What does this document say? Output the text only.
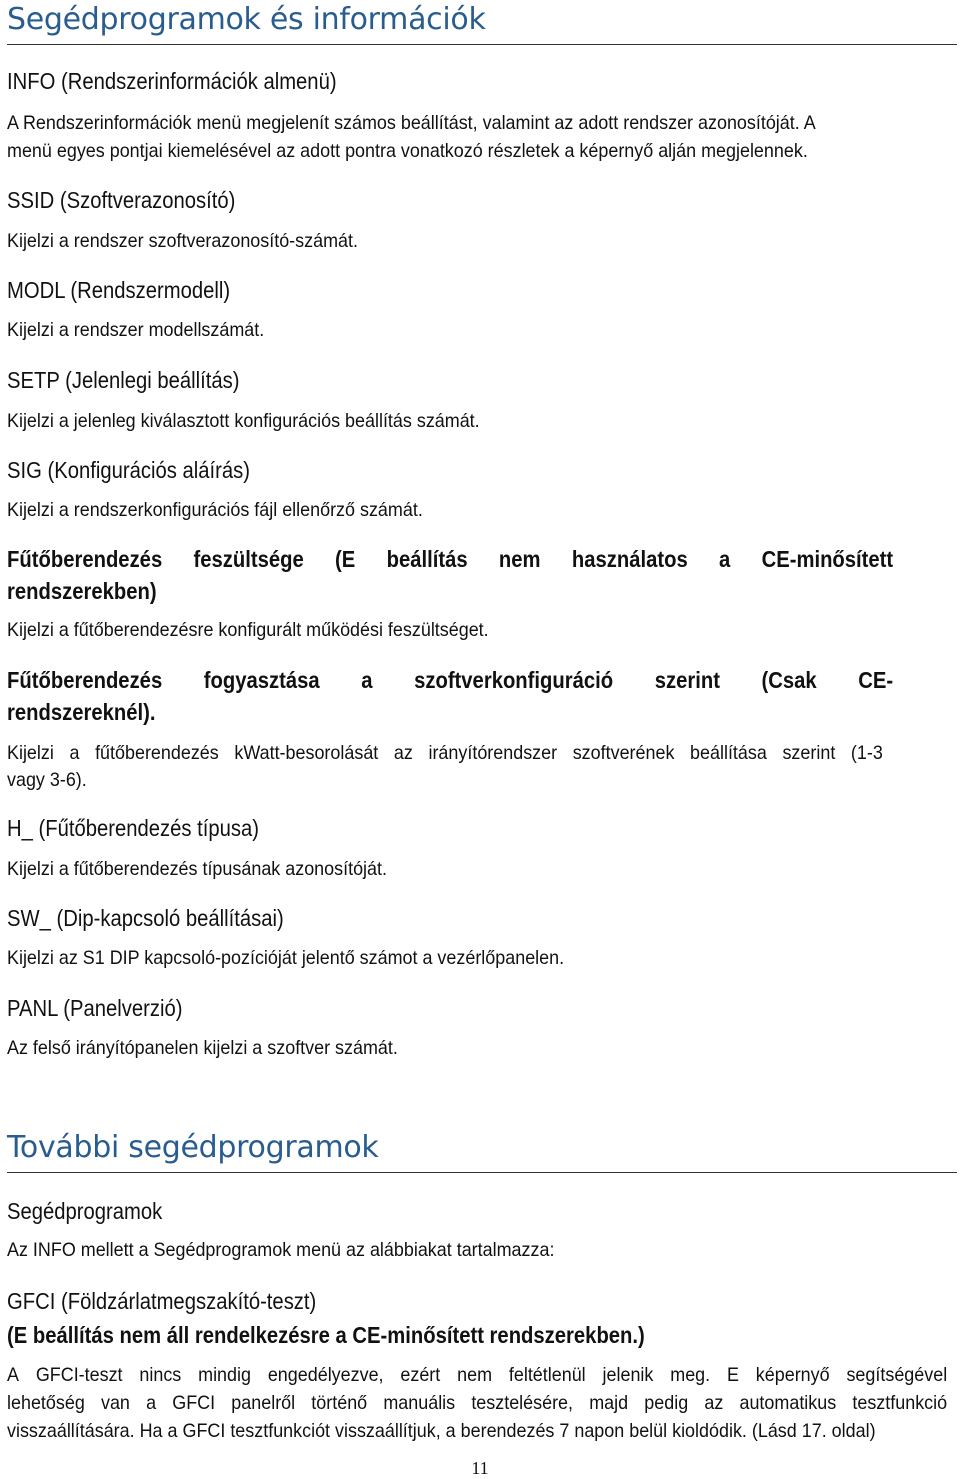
Segédprogramok és információk
INFO (Rendszerinformációk almenü)
A Rendszerinformációk menü megjelenít számos beállítást, valamint az adott rendszer azonosítóját. A
menü egyes pontjai kiemelésével az adott pontra vonatkozó részletek a képernyő alján megjelennek.
SSID (Szoftverazonosító)
Kijelzi a rendszer szoftverazonosító-számát.
MODL (Rendszermodell)
Kijelzi a rendszer modellszámát.
SETP (Jelenlegi beállítás)
Kijelzi a jelenleg kiválasztott konfigurációs beállítás számát.
SIG (Konfigurációs aláírás)
Kijelzi a rendszerkonfigurációs fájl ellenőrző számát.
Fűtőberendezés feszültsége (E beállítás nem használatos a CE-minősített
rendszerekben)
Kijelzi a fűtőberendezésre konfigurált működési feszültséget.
Fűtőberendezés fogyasztása a szoftverkonfiguráció szerint (Csak CE-
rendszereknél).
Kijelzi a fűtőberendezés kWatt-besorolását az irányítórendszer szoftverének beállítása szerint (1-3
vagy 3-6).
H_ (Fűtőberendezés típusa)
Kijelzi a fűtőberendezés típusának azonosítóját.
SW_ (Dip-kapcsoló beállításai)
Kijelzi az S1 DIP kapcsoló-pozícióját jelentő számot a vezérlőpanelen.
PANL (Panelverzió)
Az felső irányítópanelen kijelzi a szoftver számát.
További segédprogramok
Segédprogramok
Az INFO mellett a Segédprogramok menü az alábbiakat tartalmazza:
GFCI (Földzárlatmegszakító-teszt)
(E beállítás nem áll rendelkezésre a CE-minősített rendszerekben.)
A GFCI-teszt nincs mindig engedélyezve, ezért nem feltétlenül jelenik meg. E képernyő segítségével
lehetőség van a GFCI panelről történő manuális tesztelésére, majd pedig az automatikus tesztfunkció
visszaállítására. Ha a GFCI tesztfunkciót visszaállítjuk, a berendezés 7 napon belül kioldódik. (Lásd 17. oldal)
11
